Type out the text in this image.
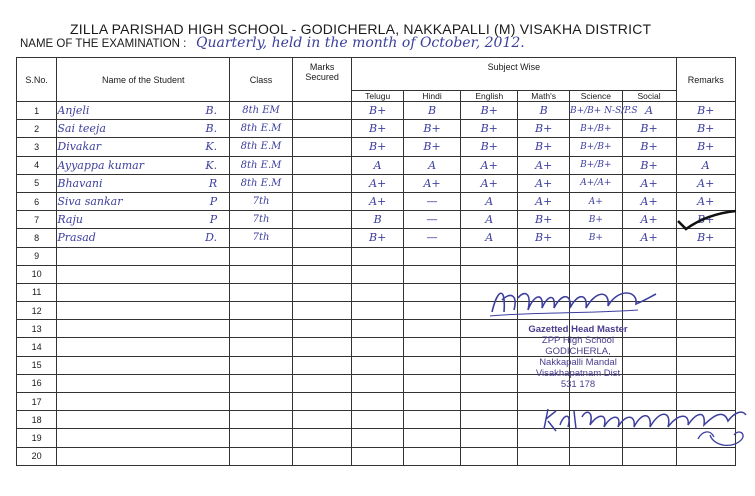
ZILLA PARISHAD HIGH SCHOOL - GODICHERLA, NAKKAPALLI (M) VISAKHA DISTRICT
NAME OF THE EXAMINATION : Quarterly, held in the month of October, 2012.
S.No.	Name of the Student	Class	Marks Secured	Subject Wise						Remarks
				Telugu	Hindi	English	Math's	Science	Social	
1	Anjeli B.	8th EM		B+	B	B+	B	B+/B+ N-S/P.S	A	B+
2	Sai teeja B.	8th E.M		B+	B+	B+	B+	B+/B+	B+	B+
3	Divakar K.	8th E.M		B+	B+	B+	B+	B+/B+	B+	B+
4	Ayyappa kumar K.	8th E.M		A	A	A+	A+	B+/B+	B+	A
5	Bhavani R	8th E.M		A+	A+	A+	A+	A+/A+	A+	A+
6	Siva sankar P	7th		A+	—	A	A+	A+	A+	A+
7	Raju P	7th		B	—	A	B+	B+	A+	B+
8	Prasad D.	7th		B+	—	A	B+	B+	A+	B+
9	

10	

11	

12	

13	

14	

15	

16	

17	

18	

19	

20	

Gazetted Head Master
ZPP High School
GODICHERLA,
Nakkapalli Mandal
Visakhapatnam Dist
531 178
